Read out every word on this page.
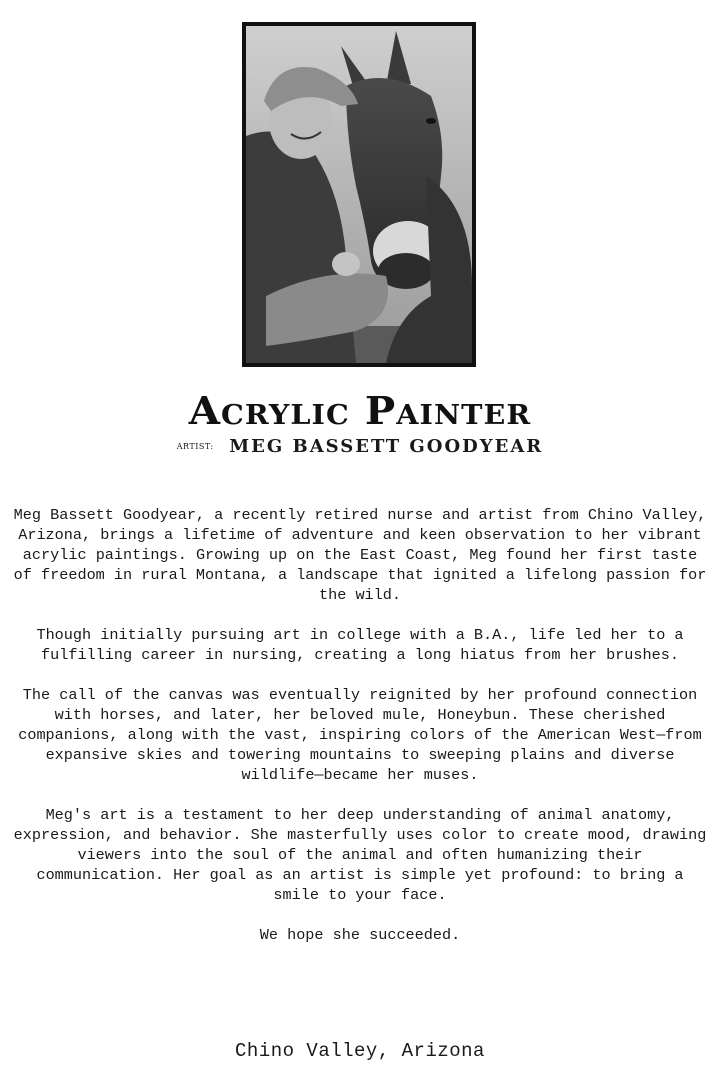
Acrylic Painter
ARTIST: MEG BASSETT GOODYEAR

Meg Bassett Goodyear, a recently retired nurse and artist from Chino Valley, Arizona, brings a lifetime of adventure and keen observation to her vibrant acrylic paintings. Growing up on the East Coast, Meg found her first taste of freedom in rural Montana, a landscape that ignited a lifelong passion for the wild.

Though initially pursuing art in college with a B.A., life led her to a fulfilling career in nursing, creating a long hiatus from her brushes.

The call of the canvas was eventually reignited by her profound connection with horses, and later, her beloved mule, Honeybun. These cherished companions, along with the vast, inspiring colors of the American West—from expansive skies and towering mountains to sweeping plains and diverse wildlife—became her muses.

Meg's art is a testament to her deep understanding of animal anatomy, expression, and behavior. She masterfully uses color to create mood, drawing viewers into the soul of the animal and often humanizing their communication. Her goal as an artist is simple yet profound: to bring a smile to your face.

We hope she succeeded.

Chino Valley, Arizona
